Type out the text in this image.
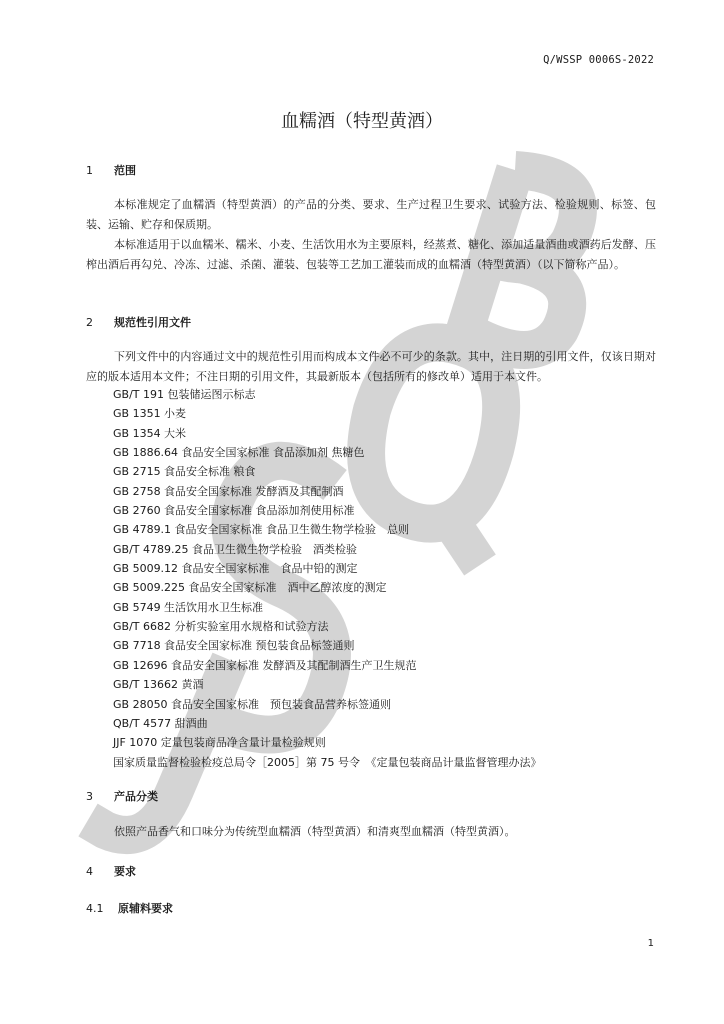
Q/WSSP 0006S-2022
血糯酒（特型黄酒）
1 范围
本标准规定了血糯酒（特型黄酒）的产品的分类、要求、生产过程卫生要求、试验方法、检验规则、标签、包装、运输、贮存和保质期。
本标准适用于以血糯米、糯米、小麦、生活饮用水为主要原料，经蒸煮、糖化、添加适量酒曲或酒药后发酵、压榨出酒后再勾兑、冷冻、过滤、杀菌、灌装、包装等工艺加工灌装而成的血糯酒（特型黄酒）（以下简称产品）。
2 规范性引用文件
下列文件中的内容通过文中的规范性引用而构成本文件必不可少的条款。其中，注日期的引用文件，仅该日期对应的版本适用本文件；不注日期的引用文件，其最新版本（包括所有的修改单）适用于本文件。
GB/T 191 包装储运图示标志
GB 1351 小麦
GB 1354 大米
GB 1886.64 食品安全国家标准 食品添加剂 焦糖色
GB 2715 食品安全标准 粮食
GB 2758 食品安全国家标准 发酵酒及其配制酒
GB 2760 食品安全国家标准 食品添加剂使用标准
GB 4789.1 食品安全国家标准 食品卫生微生物学检验　总则
GB/T 4789.25 食品卫生微生物学检验　酒类检验
GB 5009.12 食品安全国家标准　食品中铅的测定
GB 5009.225 食品安全国家标准　酒中乙醇浓度的测定
GB 5749 生活饮用水卫生标准
GB/T 6682 分析实验室用水规格和试验方法
GB 7718 食品安全国家标准 预包装食品标签通则
GB 12696 食品安全国家标准 发酵酒及其配制酒生产卫生规范
GB/T 13662 黄酒
GB 28050 食品安全国家标准　预包装食品营养标签通则
QB/T 4577 甜酒曲
JJF 1070 定量包装商品净含量计量检验规则
国家质量监督检验检疫总局令［2005］第 75 号令　《定量包装商品计量监督管理办法》
3 产品分类
依照产品香气和口味分为传统型血糯酒（特型黄酒）和清爽型血糯酒（特型黄酒）。
4 要求
4.1 原辅料要求
1
